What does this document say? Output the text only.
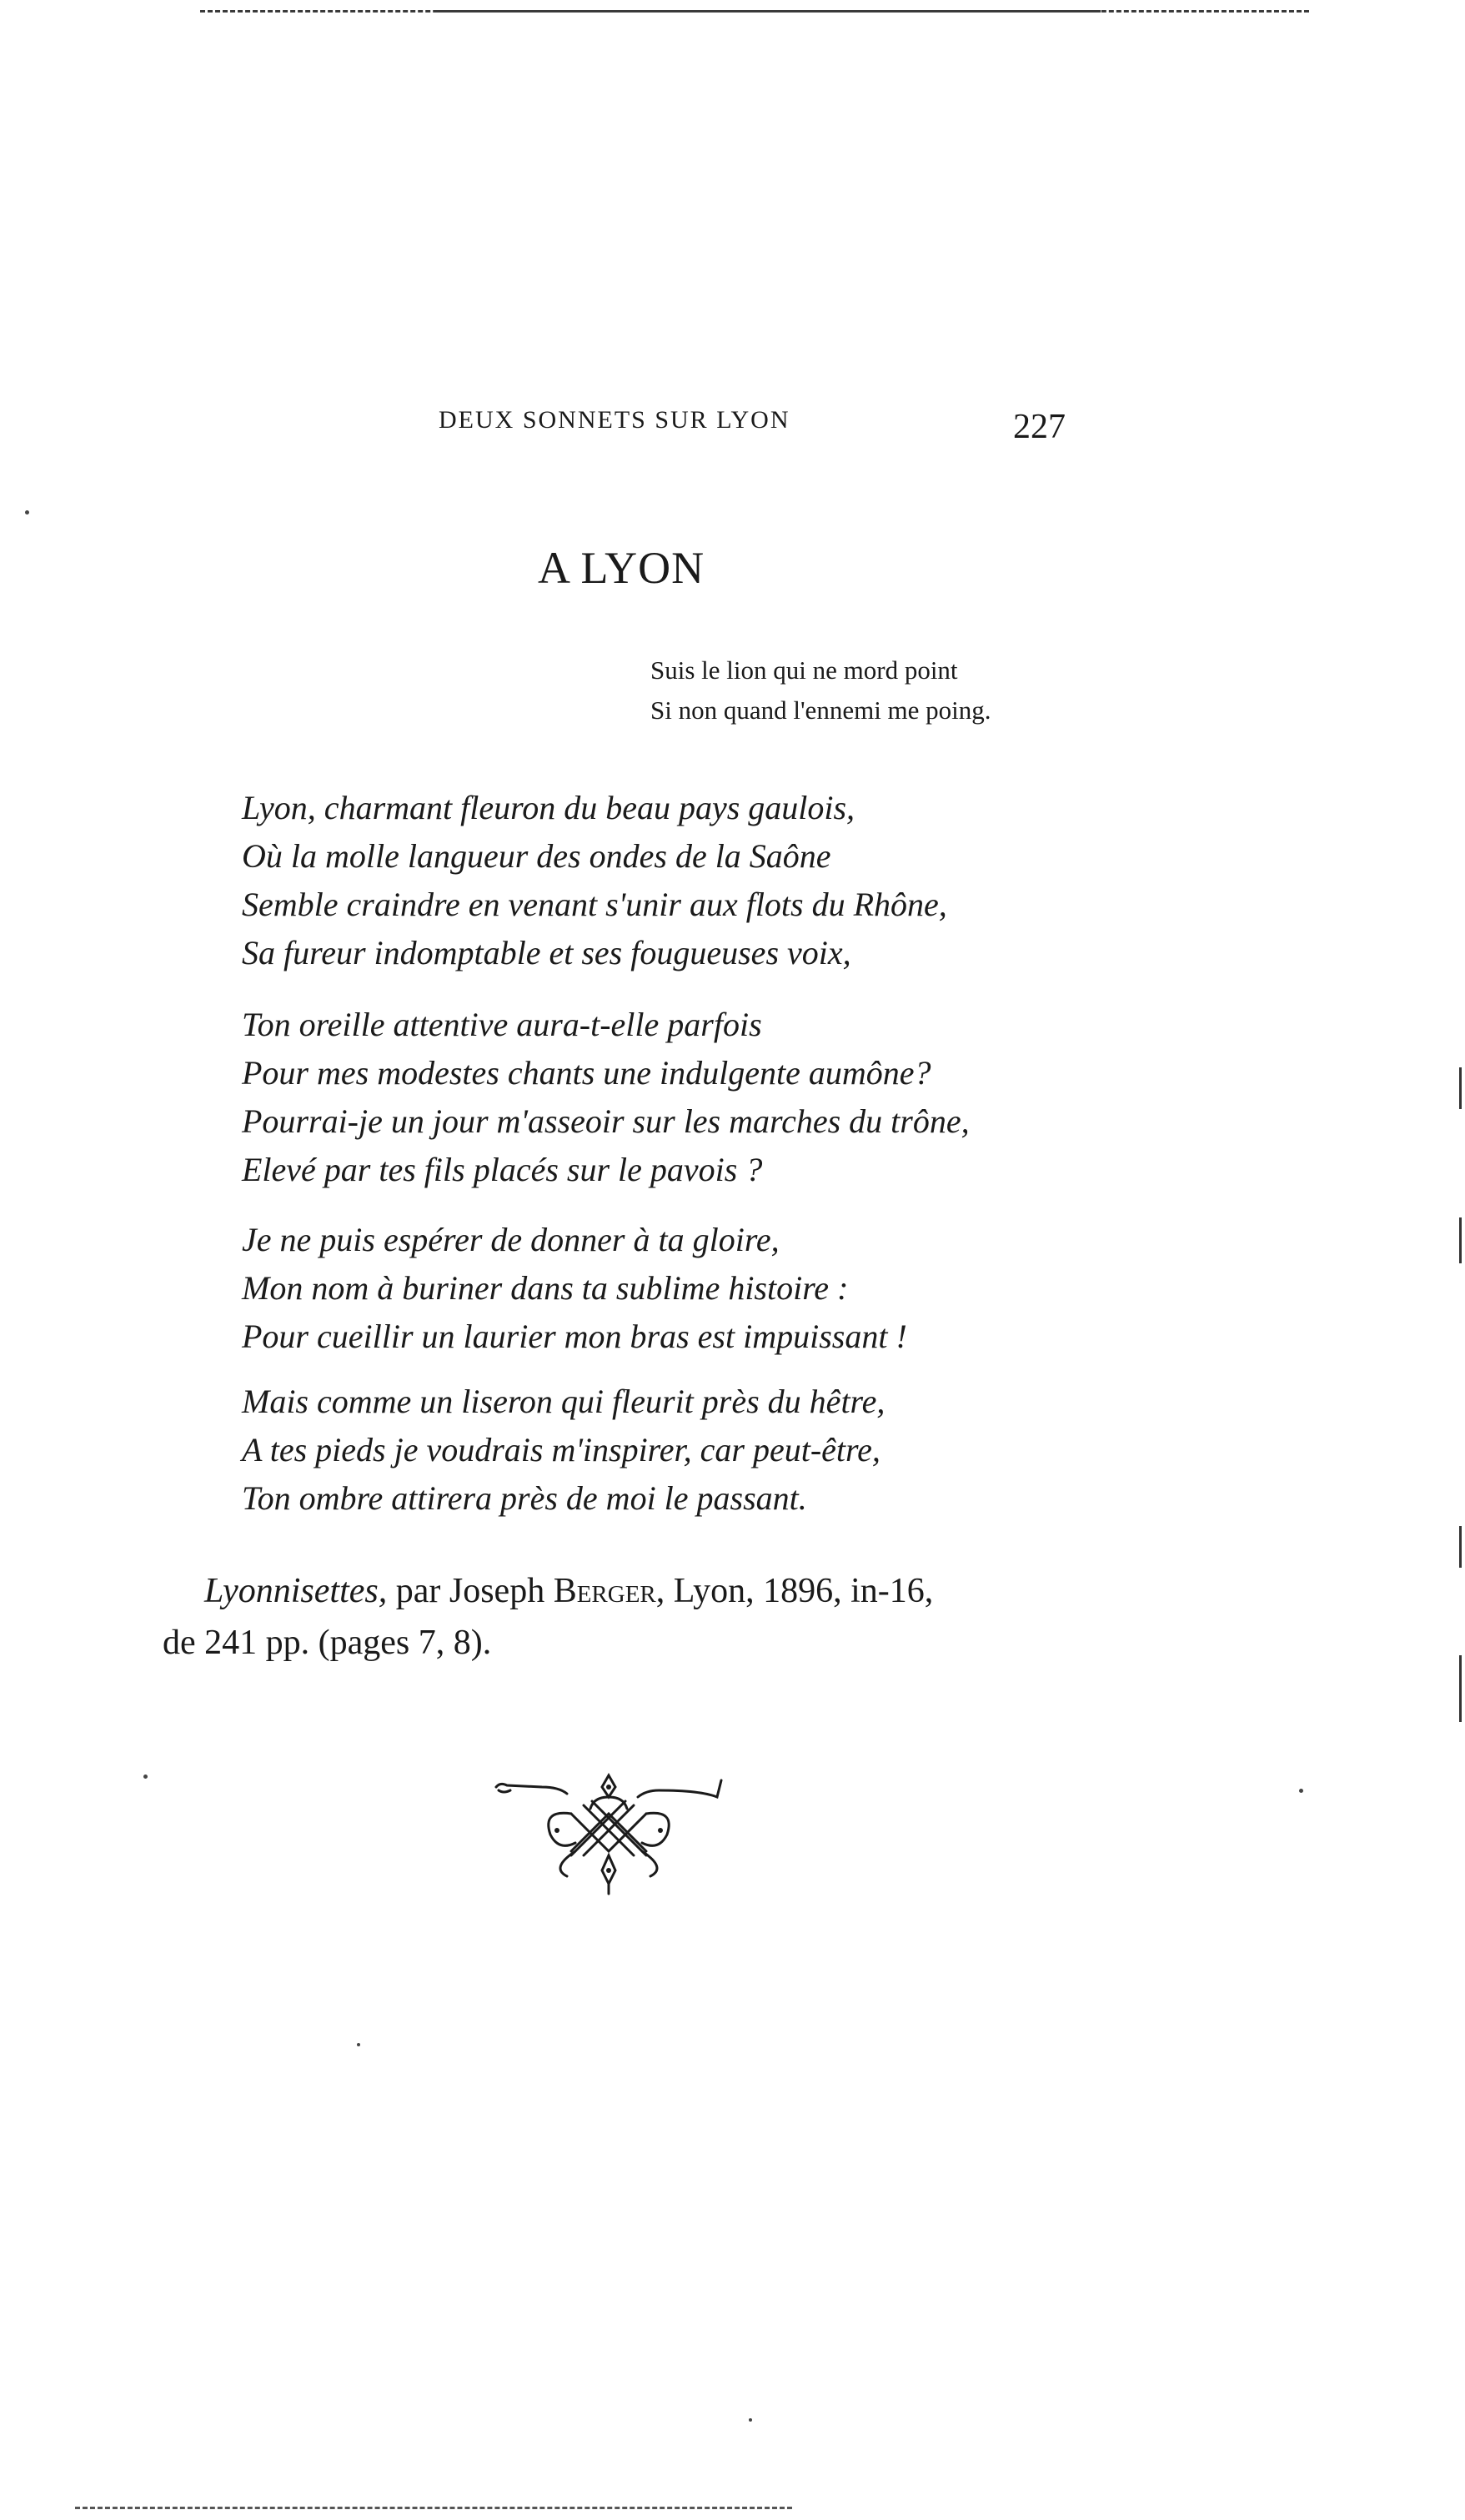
DEUX SONNETS SUR LYON	227
A LYON
Suis le lion qui ne mord point
Si non quand l'ennemi me poing.
Lyon, charmant fleuron du beau pays gaulois,
Où la molle langueur des ondes de la Saône
Semble craindre en venant s'unir aux flots du Rhône,
Sa fureur indomptable et ses fougueuses voix,
Ton oreille attentive aura-t-elle parfois
Pour mes modestes chants une indulgente aumône?
Pourrai-je un jour m'asseoir sur les marches du trône,
Elevé par tes fils placés sur le pavois ?
Je ne puis espérer de donner à ta gloire,
Mon nom à buriner dans ta sublime histoire :
Pour cueillir un laurier mon bras est impuissant !
Mais comme un liseron qui fleurit près du hêtre,
A tes pieds je voudrais m'inspirer, car peut-être,
Ton ombre attirera près de moi le passant.
Lyonnisettes, par Joseph Berger, Lyon, 1896, in-16,
de 241 pp. (pages 7, 8).
